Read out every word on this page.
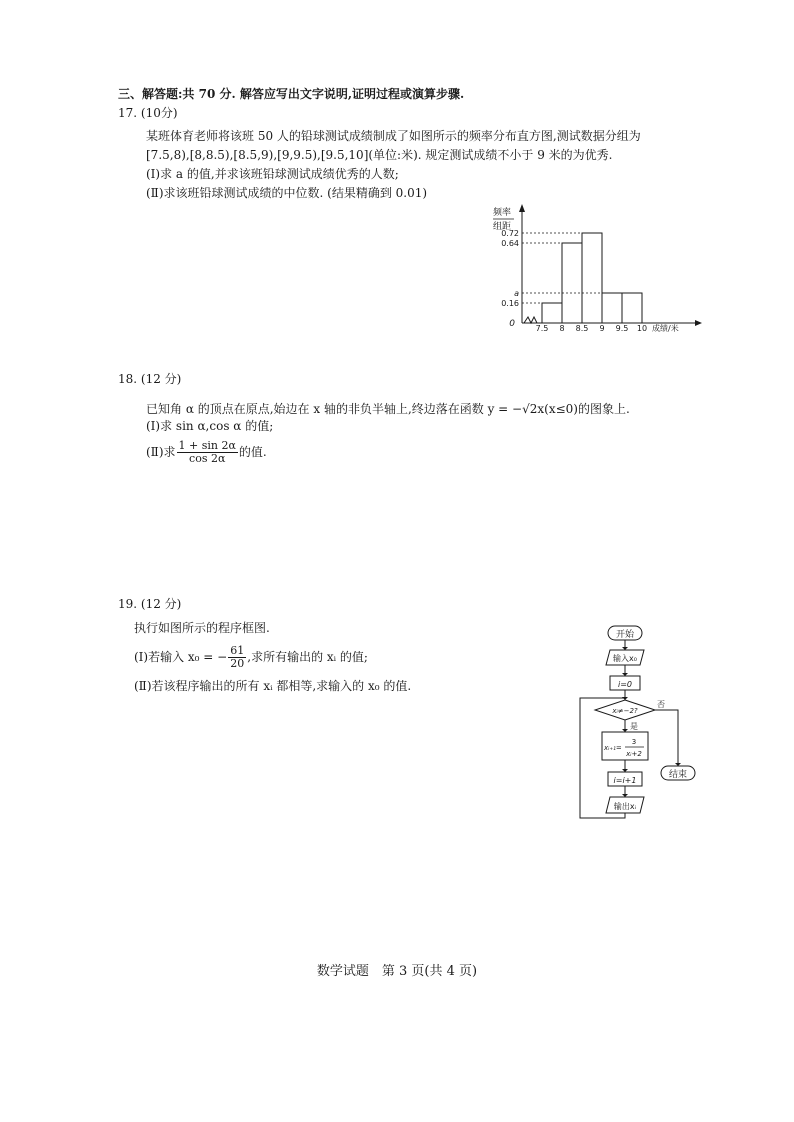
三、解答题:共 70 分. 解答应写出文字说明,证明过程或演算步骤.
17. (10分)
某班体育老师将该班 50 人的铅球测试成绩制成了如图所示的频率分布直方图,测试数据分组为
[7.5,8),[8,8.5),[8.5,9),[9,9.5),[9.5,10](单位:米). 规定测试成绩不小于 9 米的为优秀.
(Ⅰ)求 a 的值,并求该班铅球测试成绩优秀的人数;
(Ⅱ)求该班铅球测试成绩的中位数. (结果精确到 0.01)
频率
组距
0	成绩/米
0.72
0.64
a
0.16
7.5 8 8.5 9 9.5 10
18. (12 分)
已知角 α 的顶点在原点,始边在 x 轴的非负半轴上,终边落在函数 y = −√2x(x≤0)的图象上.
(Ⅰ)求 sin α,cos α 的值;
(Ⅱ)求 $\frac{1 + \sin 2\alpha}{\cos 2\alpha}$ 的值.
19. (12 分)
执行如图所示的程序框图.
(Ⅰ)若输入 x₀ = − $\frac{61}{20}$ ,求所有输出的 xᵢ 的值;
(Ⅱ)若该程序输出的所有 xᵢ 都相等,求输入的 x₀ 的值.
开始
输入x₀
i=0
xᵢ≠−2?
是
否
xᵢ₊₁=
3
xᵢ+2
i=i+1
输出xᵢ
结束
数学试题　第 3 页(共 4 页)
